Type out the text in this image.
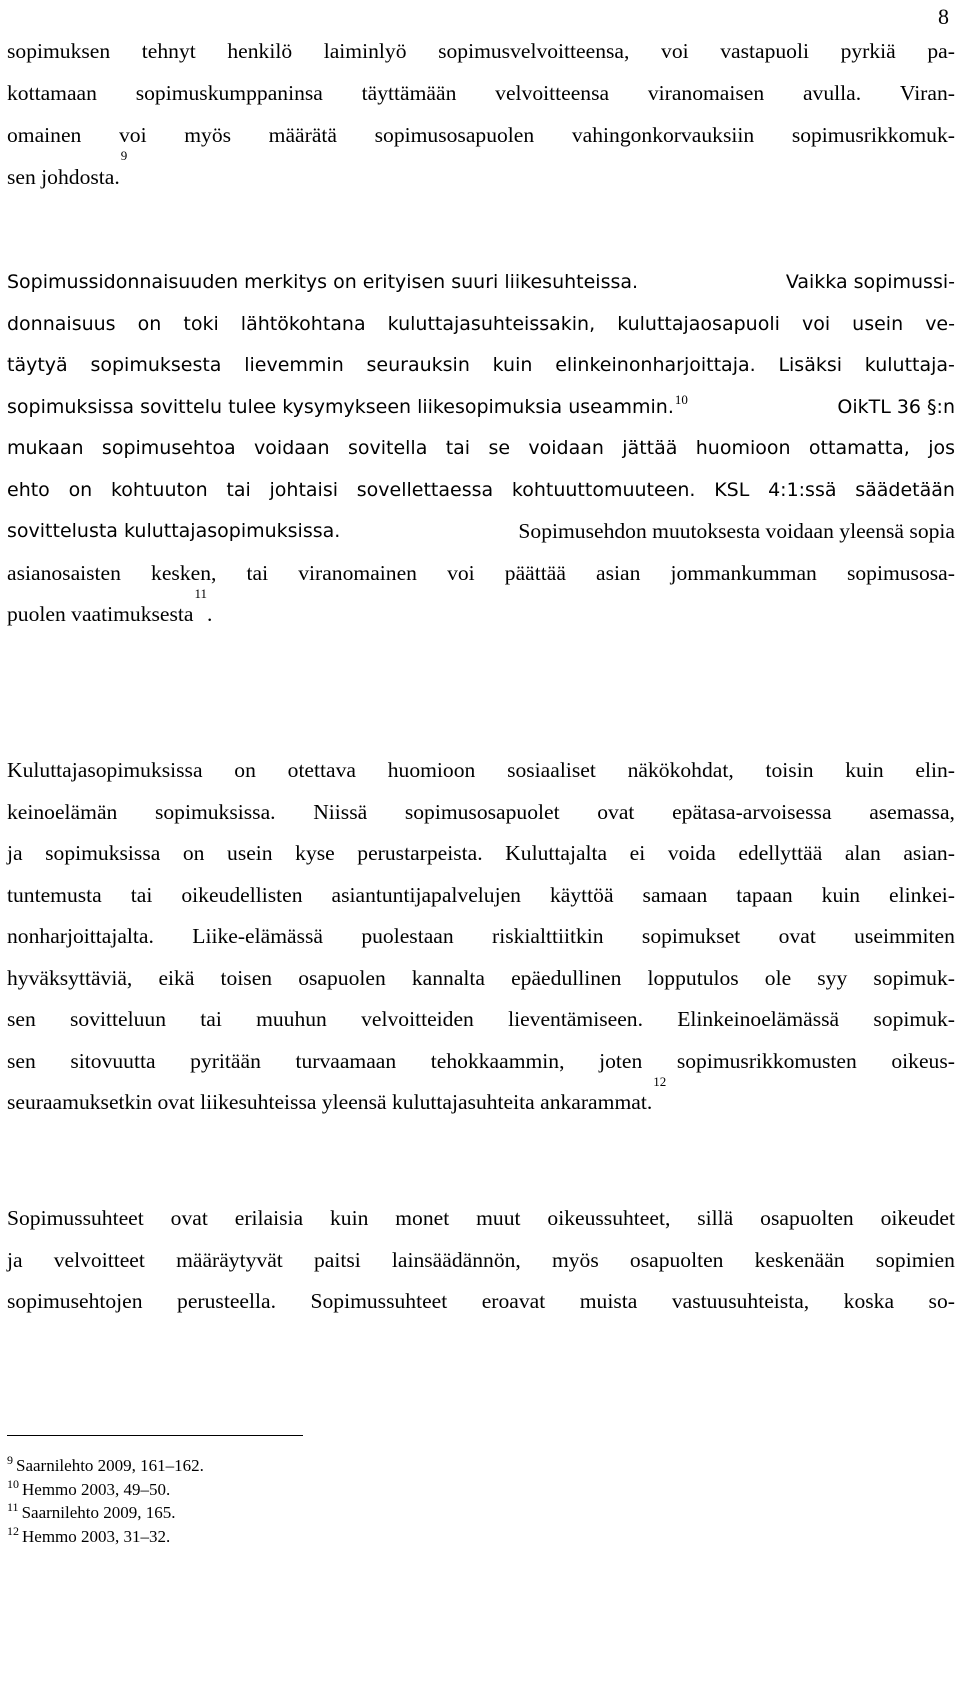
8
sopimuksen tehnyt henkilö laiminlyö sopimusvelvoitteensa, voi vastapuoli pyrkiä pa-
kottamaan sopimuskumppaninsa täyttämään velvoitteensa viranomaisen avulla. Viran-
omainen voi myös määrätä sopimusosapuolen vahingonkorvauksiin sopimusrikkomuk-
sen johdosta.
9
Sopimussidonnaisuuden merkitys on erityisen suuri liikesuhteissa.	Vaikka sopimussi-
donnaisuus on toki lähtökohtana kuluttajasuhteissakin, kuluttajaosapuoli voi usein ve-
täytyä sopimuksesta lievemmin seurauksin kuin elinkeinonharjoittaja. Lisäksi kuluttaja-
sopimuksissa sovittelu tulee kysymykseen liikesopimuksia useammin.$^{10}$	OikTL 36 §:n
mukaan sopimusehtoa voidaan sovitella tai se voidaan jättää huomioon ottamatta, jos
ehto on kohtuuton tai johtaisi sovellettaessa kohtuuttomuuteen. KSL 4:1:ssä säädetään
sovittelusta kuluttajasopimuksissa.	Sopimusehdon muutoksesta voidaan yleensä sopia
asianosaisten kesken, tai viranomainen voi päättää asian jommankumman sopimusosa-
puolen vaatimuksesta
11
.
Kuluttajasopimuksissa on otettava huomioon sosiaaliset näkökohdat, toisin kuin elin-
keinoelämän sopimuksissa. Niissä sopimusosapuolet ovat epätasa-arvoisessa asemassa,
ja sopimuksissa on usein kyse perustarpeista. Kuluttajalta ei voida edellyttää alan asian-
tuntemusta tai oikeudellisten asiantuntijapalvelujen käyttöä samaan tapaan kuin elinkei-
nonharjoittajalta. Liike-elämässä puolestaan riskialttiitkin sopimukset ovat useimmiten
hyväksyttäviä, eikä toisen osapuolen kannalta epäedullinen lopputulos ole syy sopimuk-
sen sovitteluun tai muuhun velvoitteiden lieventämiseen. Elinkeinoelämässä sopimuk-
sen sitovuutta pyritään turvaamaan tehokkaammin, joten sopimusrikkomusten oikeus-
seuraamuksetkin ovat liikesuhteissa yleensä kuluttajasuhteita ankarammat.
12
Sopimussuhteet ovat erilaisia kuin monet muut oikeussuhteet, sillä osapuolten oikeudet
ja velvoitteet määräytyvät paitsi lainsäädännön, myös osapuolten keskenään sopimien
sopimusehtojen perusteella. Sopimussuhteet eroavat muista vastuusuhteista, koska so-
$^9$ Saarnilehto 2009, 161–162.
$^{10}$ Hemmo 2003, 49–50.
$^{11}$ Saarnilehto 2009, 165.
$^{12}$ Hemmo 2003, 31–32.
